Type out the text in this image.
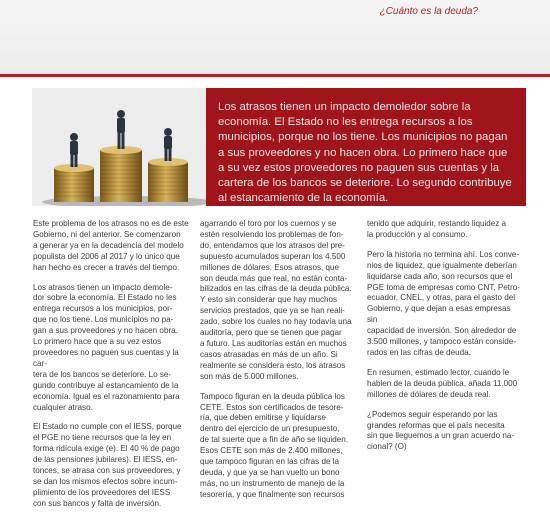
¿Cuánto es la deuda?

Los atrasos tienen un impacto demoledor sobre la economía. El Estado no les entrega recursos a los municipios, porque no los tiene. Los municipios no pagan a sus proveedores y no hacen obra. Lo primero hace que a su vez estos proveedores no paguen sus cuentas y la cartera de los bancos se deteriore. Lo segundo contribuye al estancamiento de la economía.

Este problema de los atrasos no es de este
Gobierno, ni del anterior. Se comenzaron
a generar ya en la decadencia del modelo
populista del 2006 al 2017 y lo único que
han hecho es crecer a través del tiempo.

Los atrasos tienen un impacto demole-
dor sobre la economía. El Estado no les
entrega recursos a los municipios, por-
que no los tiene. Los municipios no pa-
gan a sus proveedores y no hacen obra.
Lo primero hace que a su vez estos
proveedores no paguen sus cuentas y la car-
tera de los bancos se deteriore. Lo se-
gundo contribuye al estancamiento de la
economía. Igual es el razonamiento para
cualquier atraso.

El Estado no cumple con el IESS, porque
el PGE no tiene recursos que la ley en
forma ridícula exige (e). El 40 % de pago
de las pensiones jubilares). El IESS, en-
tonces, se atrasa con sus proveedores, y
se dan los mismos efectos sobre incum-
plimiento de los proveedores del IESS
con sus bancos y falta de inversión.

agarrando el toro por los cuernos y se
estén resolviendo los problemas de fon-
do, entendamos que los atrasos del pre-
supuesto acumulados superan los 4.500
millones de dólares. Esos atrasos, que
son deuda más que real, no están conta-
bilizados en las cifras de la deuda pública.
Y esto sin considerar que hay muchos
servicios prestados, que ya se han reali-
zado, sobre los cuales no hay todavía una
auditoría, pero que se tienen que pagar
a futuro. Las auditorías están en muchos
casos atrasadas en más de un año. Si
realmente se considera esto, los atrasos
son más de 5.000 millones.

Tampoco figuran en la deuda pública los
CETE. Estos son certificados de tesore-
ría, que deben emitirse y liquidarse
dentro del ejercicio de un presupuesto,
de tal suerte que a fin de año se liquiden.
Esos CETE son más de 2.400 millones,
que tampoco figuran en las cifras de la
deuda, y que ya se han vuelto un bono
más, no un instrumento de manejo de la
tesorería, y que finalmente son recursos

tenido que adquirir, restando liquidez a
la producción y al consumo.

Pero la historia no termina ahí. Los conve-
nios de liquidez, que igualmente deberían
liquidarse cada año, son recursos que el
PGE toma de empresas como CNT, Petro-
ecuador, CNEL, y otras, para el gasto del
Gobierno, y que dejan a esas empresas sin
capacidad de inversión. Son alrededor de
3.500 millones, y tampoco están conside-
rados en las cifras de deuda.

En resumen, estimado lector, cuando le
hablen de la deuda pública, añada 11.000
millones de dólares de deuda real.

¿Podemos seguir esperando por las
grandes reformas que el país necesita
sin que lleguemos a un gran acuerdo na-
cional? (O)
